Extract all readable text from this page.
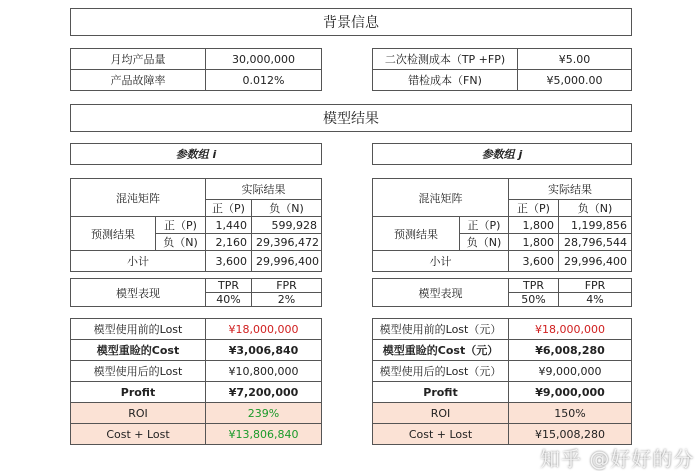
背景信息
月均产品量	30,000,000
产品故障率	0.012%
二次检测成本（TP +FP)	¥5.00
错检成本（FN)	¥5,000.00
模型结果
参数组 i
混沌矩阵		实际结果	
		正（P)	负（N)
预测结果	正（P)	1,440	599,928
	负（N)	2,160	29,396,472
小计		3,600	29,996,400
模型表现	TPR	FPR
	40%	2%
模型使用前的Lost	¥18,000,000
模型重睑的Cost	¥3,006,840
模型使用后的Lost	¥10,800,000
Profit	¥7,200,000
ROI	239%
Cost + Lost	¥13,806,840
参数组 j
混沌矩阵		实际结果	
		正（P)	负（N)
预测结果	正（P)	1,800	1,199,856
	负（N)	1,800	28,796,544
小计		3,600	29,996,400
模型表现	TPR	FPR
	50%	4%
模型使用前的Lost（元）	¥18,000,000
模型重睑的Cost（元）	¥6,008,280
模型使用后的Lost（元）	¥9,000,000
Profit	¥9,000,000
ROI	150%
Cost + Lost	¥15,008,280
知乎 @好好的分
